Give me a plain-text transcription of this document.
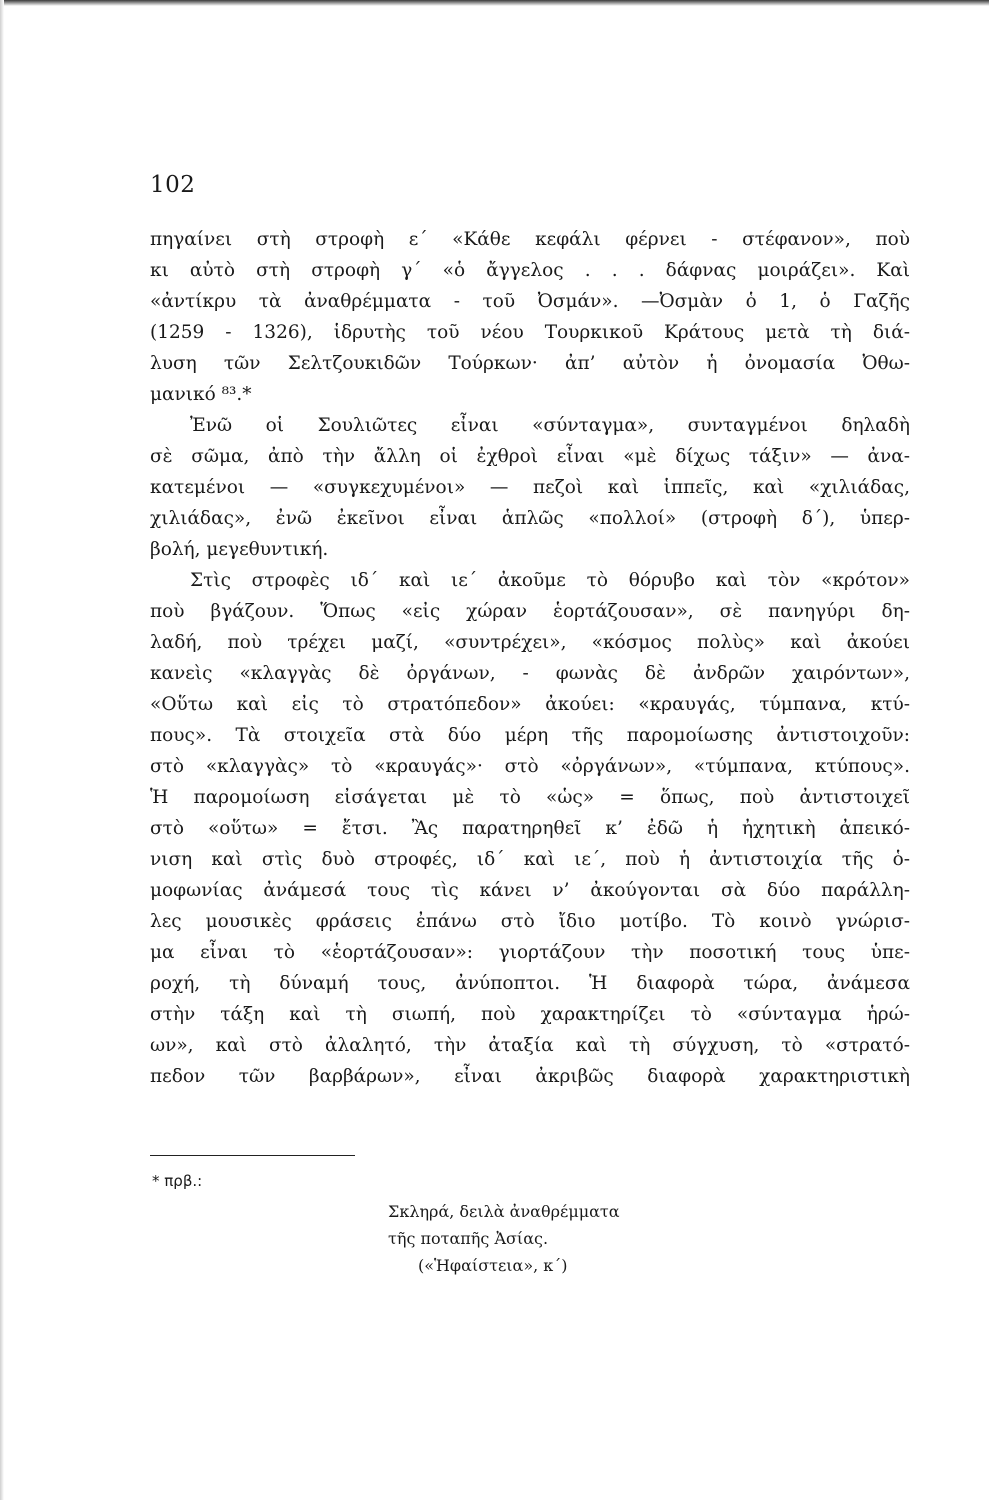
102
πηγαίνει στὴ στροφὴ ε΄ «Κάθε κεφάλι φέρνει - στέφανον», ποὺ
κι αὐτὸ στὴ στροφὴ γ΄ «ὁ ἄγγελος . . . δάφνας μοιράζει». Καὶ
«ἀντίκρυ τὰ ἀναθρέμματα - τοῦ Ὀσμάν». —Ὀσμὰν ὁ 1, ὁ Γαζῆς
(1259 - 1326), ἱδρυτὴς τοῦ νέου Τουρκικοῦ Κράτους μετὰ τὴ διά-
λυση τῶν Σελτζουκιδῶν Τούρκων· ἀπ’ αὐτὸν ἡ ὀνομασία Ὀθω-
μανικό ⁸³.*
Ἐνῶ οἱ Σουλιῶτες εἶναι «σύνταγμα», συνταγμένοι δηλαδὴ
σὲ σῶμα, ἀπὸ τὴν ἄλλη οἱ ἐχθροὶ εἶναι «μὲ δίχως τάξιν» — ἀνα-
κατεμένοι — «συγκεχυμένοι» — πεζοὶ καὶ ἱππεῖς, καὶ «χιλιάδας,
χιλιάδας», ἐνῶ ἐκεῖνοι εἶναι ἁπλῶς «πολλοί» (στροφὴ δ΄), ὑπερ-
βολή, μεγεθυντική.
Στὶς στροφὲς ιδ΄ καὶ ιε΄ ἀκοῦμε τὸ θόρυβο καὶ τὸν «κρότον»
ποὺ βγάζουν. Ὅπως «εἰς χώραν ἑορτάζουσαν», σὲ πανηγύρι δη-
λαδή, ποὺ τρέχει μαζί, «συντρέχει», «κόσμος πολὺς» καὶ ἀκούει
κανεὶς «κλαγγὰς δὲ ὀργάνων, - φωνὰς δὲ ἀνδρῶν χαιρόντων»,
«Οὕτω καὶ εἰς τὸ στρατόπεδον» ἀκούει: «κραυγάς, τύμπανα, κτύ-
πους». Τὰ στοιχεῖα στὰ δύο μέρη τῆς παρομοίωσης ἀντιστοιχοῦν:
στὸ «κλαγγὰς» τὸ «κραυγάς»· στὸ «ὀργάνων», «τύμπανα, κτύπους».
Ἡ παρομοίωση εἰσάγεται μὲ τὸ «ὡς» = ὅπως, ποὺ ἀντιστοιχεῖ
στὸ «οὕτω» = ἔτσι. Ἂς παρατηρηθεῖ κ’ ἐδῶ ἡ ἠχητικὴ ἀπεικό-
νιση καὶ στὶς δυὸ στροφές, ιδ΄ καὶ ιε΄, ποὺ ἡ ἀντιστοιχία τῆς ὁ-
μοφωνίας ἀνάμεσά τους τὶς κάνει ν’ ἀκούγονται σὰ δύο παράλλη-
λες μουσικὲς φράσεις ἐπάνω στὸ ἴδιο μοτίβο. Τὸ κοινὸ γνώρισ-
μα εἶναι τὸ «ἑορτάζουσαν»: γιορτάζουν τὴν ποσοτική τους ὑπε-
ροχή, τὴ δύναμή τους, ἀνύποπτοι. Ἡ διαφορὰ τώρα, ἀνάμεσα
στὴν τάξη καὶ τὴ σιωπή, ποὺ χαρακτηρίζει τὸ «σύνταγμα ἡρώ-
ων», καὶ στὸ ἀλαλητό, τὴν ἀταξία καὶ τὴ σύγχυση, τὸ «στρατό-
πεδον τῶν βαρβάρων», εἶναι ἀκριβῶς διαφορὰ χαρακτηριστικὴ
* πρβ.:
Σκληρά, δειλὰ ἀναθρέμματα
τῆς ποταπῆς Ἀσίας.
(«Ἡφαίστεια», κ΄)
